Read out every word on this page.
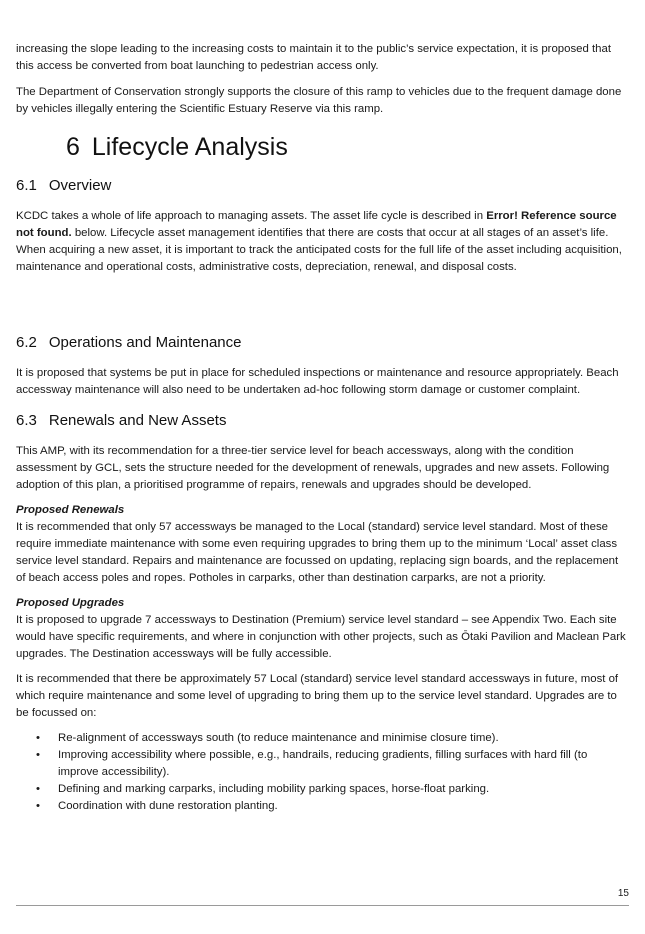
increasing the slope leading to the increasing costs to maintain it to the public’s service expectation, it is proposed that this access be converted from boat launching to pedestrian access only.

The Department of Conservation strongly supports the closure of this ramp to vehicles due to the frequent damage done by vehicles illegally entering the Scientific Estuary Reserve via this ramp.

6 Lifecycle Analysis
6.1 Overview

KCDC takes a whole of life approach to managing assets. The asset life cycle is described in Error! Reference source not found. below. Lifecycle asset management identifies that there are costs that occur at all stages of an asset’s life. When acquiring a new asset, it is important to track the anticipated costs for the full life of the asset including acquisition, maintenance and operational costs, administrative costs, depreciation, renewal, and disposal costs.

6.2 Operations and Maintenance

It is proposed that systems be put in place for scheduled inspections or maintenance and resource appropriately. Beach accessway maintenance will also need to be undertaken ad-hoc following storm damage or customer complaint.

6.3 Renewals and New Assets

This AMP, with its recommendation for a three-tier service level for beach accessways, along with the condition assessment by GCL, sets the structure needed for the development of renewals, upgrades and new assets. Following adoption of this plan, a prioritised programme of repairs, renewals and upgrades should be developed.

Proposed Renewals

It is recommended that only 57 accessways be managed to the Local (standard) service level standard. Most of these require immediate maintenance with some even requiring upgrades to bring them up to the minimum ‘Local’ asset class service level standard. Repairs and maintenance are focussed on updating, replacing sign boards, and the replacement of beach access poles and ropes. Potholes in carparks, other than destination carparks, are not a priority.

Proposed Upgrades

It is proposed to upgrade 7 accessways to Destination (Premium) service level standard – see Appendix Two. Each site would have specific requirements, and where in conjunction with other projects, such as Ōtaki Pavilion and Maclean Park upgrades. The Destination accessways will be fully accessible.

It is recommended that there be approximately 57 Local (standard) service level standard accessways in future, most of which require maintenance and some level of upgrading to bring them up to the service level standard. Upgrades are to be focussed on:

• Re-alignment of accessways south (to reduce maintenance and minimise closure time).
• Improving accessibility where possible, e.g., handrails, reducing gradients, filling surfaces with hard fill (to improve accessibility).
• Defining and marking carparks, including mobility parking spaces, horse-float parking.
• Coordination with dune restoration planting.
15
